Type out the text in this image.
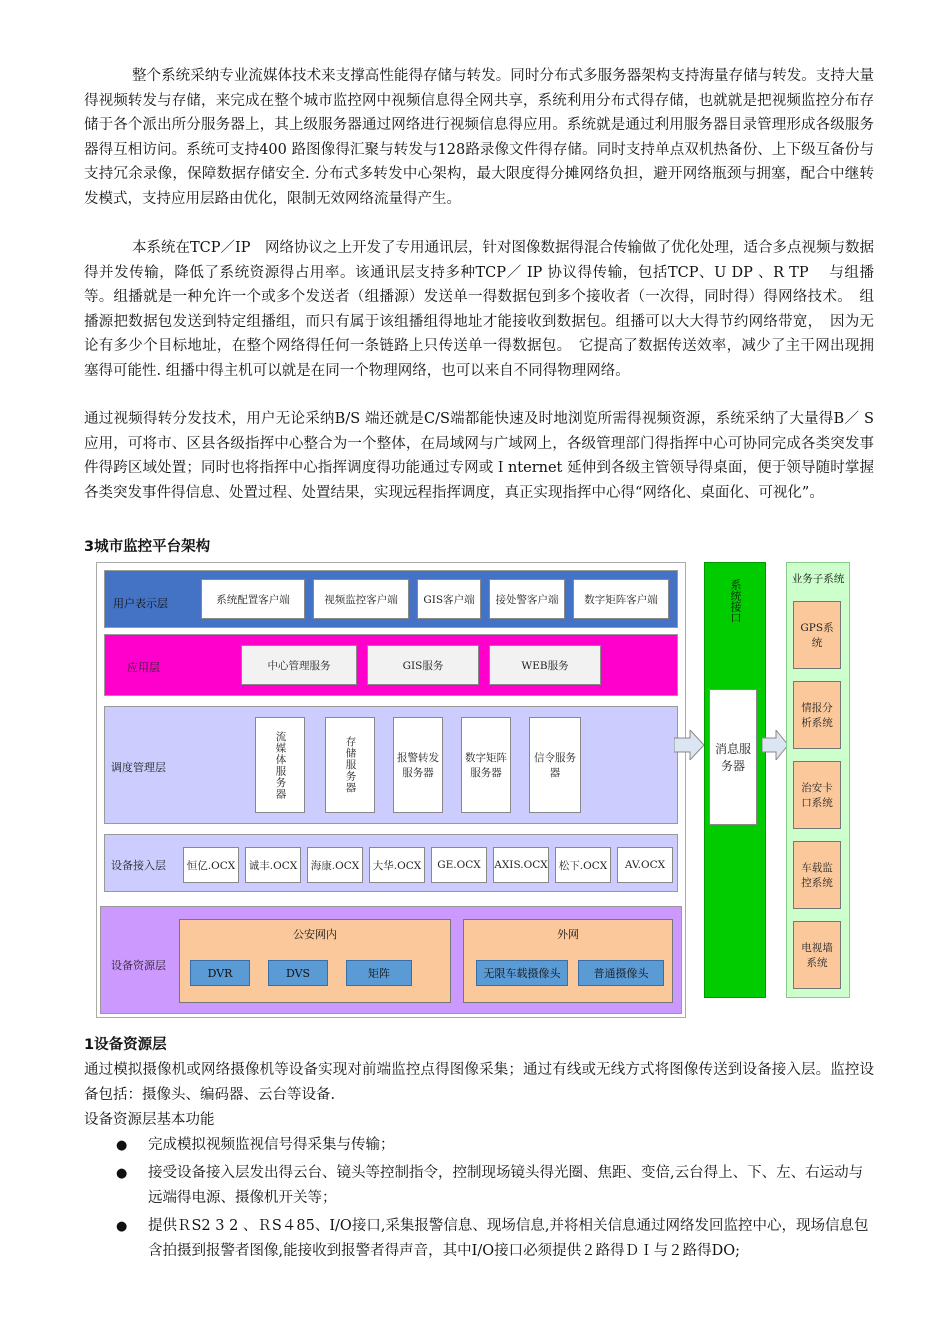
整个系统采纳专业流媒体技术来支撑高性能得存储与转发。同时分布式多服务器架构支持海量存储与转发。支持大量得视频转发与存储，来完成在整个城市监控网中视频信息得全网共享，系统利用分布式得存储，也就就是把视频监控分布存储于各个派出所分服务器上，其上级服务器通过网络进行视频信息得应用。系统就是通过利用服务器目录管理形成各级服务器得互相访问。系统可支持400 路图像得汇聚与转发与128路录像文件得存储。同时支持单点双机热备份、上下级互备份与支持冗余录像，保障数据存储安全. 分布式多转发中心架构，最大限度得分摊网络负担，避开网络瓶颈与拥塞，配合中继转发模式，支持应用层路由优化，限制无效网络流量得产生。

本系统在TCP／IP　网络协议之上开发了专用通讯层，针对图像数据得混合传输做了优化处理，适合多点视频与数据得并发传输，降低了系统资源得占用率。该通讯层支持多种TCP／ IP 协议得传输，包括TCP、U DP 、R TP　 与组播等。组播就是一种允许一个或多个发送者（组播源）发送单一得数据包到多个接收者（一次得，同时得）得网络技术。　组播源把数据包发送到特定组播组，而只有属于该组播组得地址才能接收到数据包。组播可以大大得节约网络带宽，　因为无论有多少个目标地址，在整个网络得任何一条链路上只传送单一得数据包。　它提高了数据传送效率，减少了主干网出现拥塞得可能性. 组播中得主机可以就是在同一个物理网络，也可以来自不同得物理网络。

通过视频得转分发技术，用户无论采纳B/S 端还就是C/S端都能快速及时地浏览所需得视频资源，系统采纳了大量得B／ S应用，可将市、区县各级指挥中心整合为一个整体，在局域网与广域网上，各级管理部门得指挥中心可协同完成各类突发事件得跨区域处置；同时也将指挥中心指挥调度得功能通过专网或Ｉnternet 延伸到各级主管领导得桌面，便于领导随时掌握各类突发事件得信息、处置过程、处置结果，实现远程指挥调度，真正实现指挥中心得“网络化、桌面化、可视化”。

3城市监控平台架构
用户表示层	系统配置客户端	视频监控客户端	GIS客户端	接处警客户端	数字矩阵客户端
应用层	中心管理服务	GIS服务	WEB服务
调度管理层	流媒体服务器	存储服务器	报警转发服务器
数字矩阵服务器
信令服务器
设备接入层	恒亿.OCX	诚丰.OCX	海康.OCX	大华.OCX	GE.OCX	AXIS.OCX	松下.OCX	AV.OCX
设备资源层
公安网内
DVR	DVS	矩阵
外网
无限车载摄像头	普通摄像头
系统接口
消息服务器
业务子系统
GPS系统
情报分析系统
治安卡口系统
车载监控系统
电视墙系统
1设备资源层

通过模拟摄像机或网络摄像机等设备实现对前端监控点得图像采集；通过有线或无线方式将图像传送到设备接入层。监控设备包括：摄像头、编码器、云台等设备.

设备资源层基本功能

● 完成模拟视频监视信号得采集与传输；
● 接受设备接入层发出得云台、镜头等控制指令，控制现场镜头得光圈、焦距、变倍,云台得上、下、左、右运动与远端得电源、摄像机开关等；
● 提供ＲS2 3 2 、ＲS４85、I/O接口,采集报警信息、现场信息,并将相关信息通过网络发回监控中心，现场信息包含拍摄到报警者图像,能接收到报警者得声音，其中I/O接口必须提供２路得ＤＩ与２路得DO;
